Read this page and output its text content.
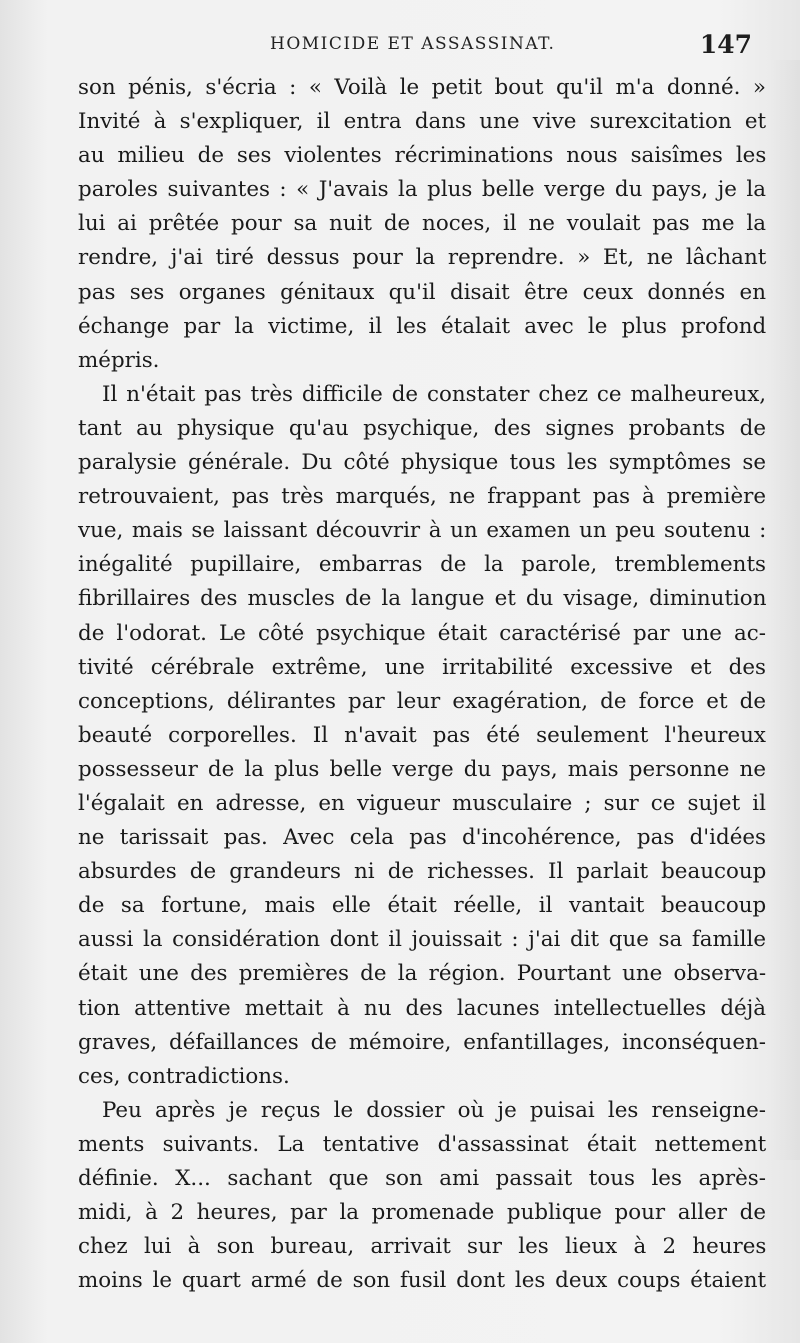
HOMICIDE ET ASSASSINAT.	147
son pénis, s'écria : « Voilà le petit bout qu'il m'a donné. »
Invité à s'expliquer, il entra dans une vive surexcitation et
au milieu de ses violentes récriminations nous saisîmes les
paroles suivantes : « J'avais la plus belle verge du pays, je la
lui ai prêtée pour sa nuit de noces, il ne voulait pas me la
rendre, j'ai tiré dessus pour la reprendre. » Et, ne lâchant
pas ses organes génitaux qu'il disait être ceux donnés en
échange par la victime, il les étalait avec le plus profond
mépris.
Il n'était pas très difficile de constater chez ce malheureux,
tant au physique qu'au psychique, des signes probants de
paralysie générale. Du côté physique tous les symptômes se
retrouvaient, pas très marqués, ne frappant pas à première
vue, mais se laissant découvrir à un examen un peu soutenu :
inégalité pupillaire, embarras de la parole, tremblements
fibrillaires des muscles de la langue et du visage, diminution
de l'odorat. Le côté psychique était caractérisé par une ac-
tivité cérébrale extrême, une irritabilité excessive et des
conceptions, délirantes par leur exagération, de force et de
beauté corporelles. Il n'avait pas été seulement l'heureux
possesseur de la plus belle verge du pays, mais personne ne
l'égalait en adresse, en vigueur musculaire ; sur ce sujet il
ne tarissait pas. Avec cela pas d'incohérence, pas d'idées
absurdes de grandeurs ni de richesses. Il parlait beaucoup
de sa fortune, mais elle était réelle, il vantait beaucoup
aussi la considération dont il jouissait : j'ai dit que sa famille
était une des premières de la région. Pourtant une observa-
tion attentive mettait à nu des lacunes intellectuelles déjà
graves, défaillances de mémoire, enfantillages, inconséquen-
ces, contradictions.
Peu après je reçus le dossier où je puisai les renseigne-
ments suivants. La tentative d'assassinat était nettement
définie. X... sachant que son ami passait tous les après-
midi, à 2 heures, par la promenade publique pour aller de
chez lui à son bureau, arrivait sur les lieux à 2 heures
moins le quart armé de son fusil dont les deux coups étaient
